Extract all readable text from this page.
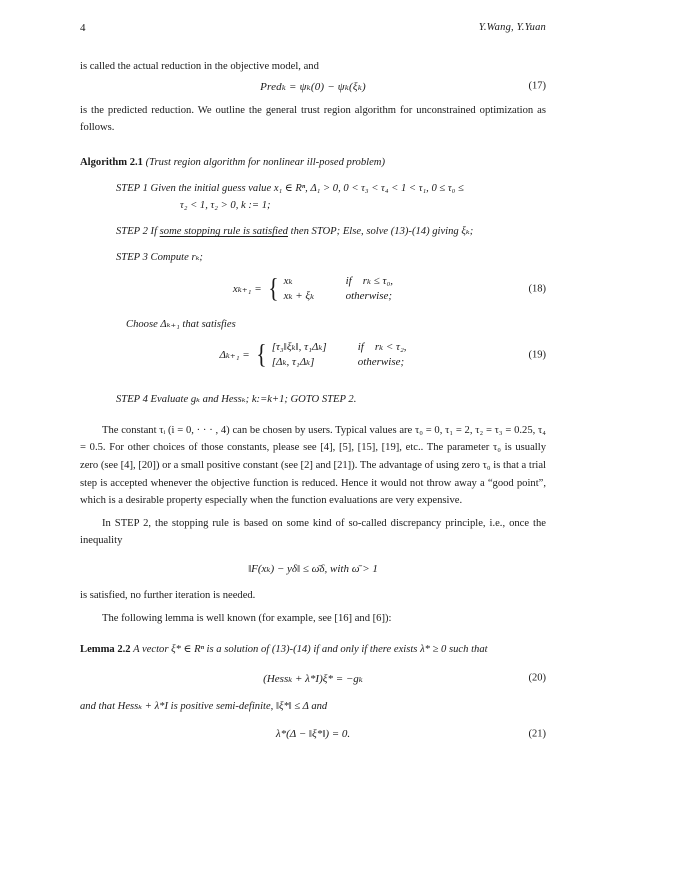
4	Y.Wang, Y.Yuan

is called the actual reduction in the objective model, and

Predₖ = ψₖ(0) − ψₖ(ξₖ)	(17)

is the predicted reduction. We outline the general trust region algorithm for unconstrained optimization as follows.

Algorithm 2.1 (Trust region algorithm for nonlinear ill-posed problem)
STEP 1 Given the initial guess value x₁ ∈ Rⁿ, Δ₁ > 0, 0 < τ₃ < τ₄ < 1 < τ₁, 0 ≤ τ₀ ≤
τ₂ < 1, τ₂ > 0, k := 1;
STEP 2 If some stopping rule is satisfied then STOP; Else, solve (13)-(14) giving ξₖ;
STEP 3 Compute rₖ;
xₖ₊₁ = { xₖ	if rₖ ≤ τ₀,
xₖ + ξₖ	otherwise;
(18)
Choose Δₖ₊₁ that satisfies
Δₖ₊₁ = { [τ₃‖ξₖ‖, τ₁Δₖ]	if rₖ < τ₂,
[Δₖ, τ₁Δₖ]	otherwise;
(19)
STEP 4 Evaluate gₖ and Hessₖ; k:=k+1; GOTO STEP 2.

The constant τᵢ (i = 0, · · · , 4) can be chosen by users. Typical values are τ₀ = 0, τ₁ = 2, τ₂ = τ₃ = 0.25, τ₄ = 0.5. For other choices of those constants, please see [4], [5], [15], [19], etc.. The parameter τ₀ is usually zero (see [4], [20]) or a small positive constant (see [2] and [21]). The advantage of using zero τ₀ is that a trial step is accepted whenever the objective function is reduced. Hence it would not throw away a “good point”, which is a desirable property especially when the function evaluations are very expensive.

In STEP 2, the stopping rule is based on some kind of so-called discrepancy principle, i.e., once the inequality

‖F(xₖ) − yδ‖ ≤ ω̄δ, with ω̄ > 1

is satisfied, no further iteration is needed.

The following lemma is well known (for example, see [16] and [6]):

Lemma 2.2 A vector ξ* ∈ Rⁿ is a solution of (13)-(14) if and only if there exists λ* ≥ 0 such that

(Hessₖ + λ*I)ξ* = −gₖ	(20)

and that Hessₖ + λ*I is positive semi-definite, ‖ξ*‖ ≤ Δ and

λ*(Δ − ‖ξ*‖) = 0.	(21)
